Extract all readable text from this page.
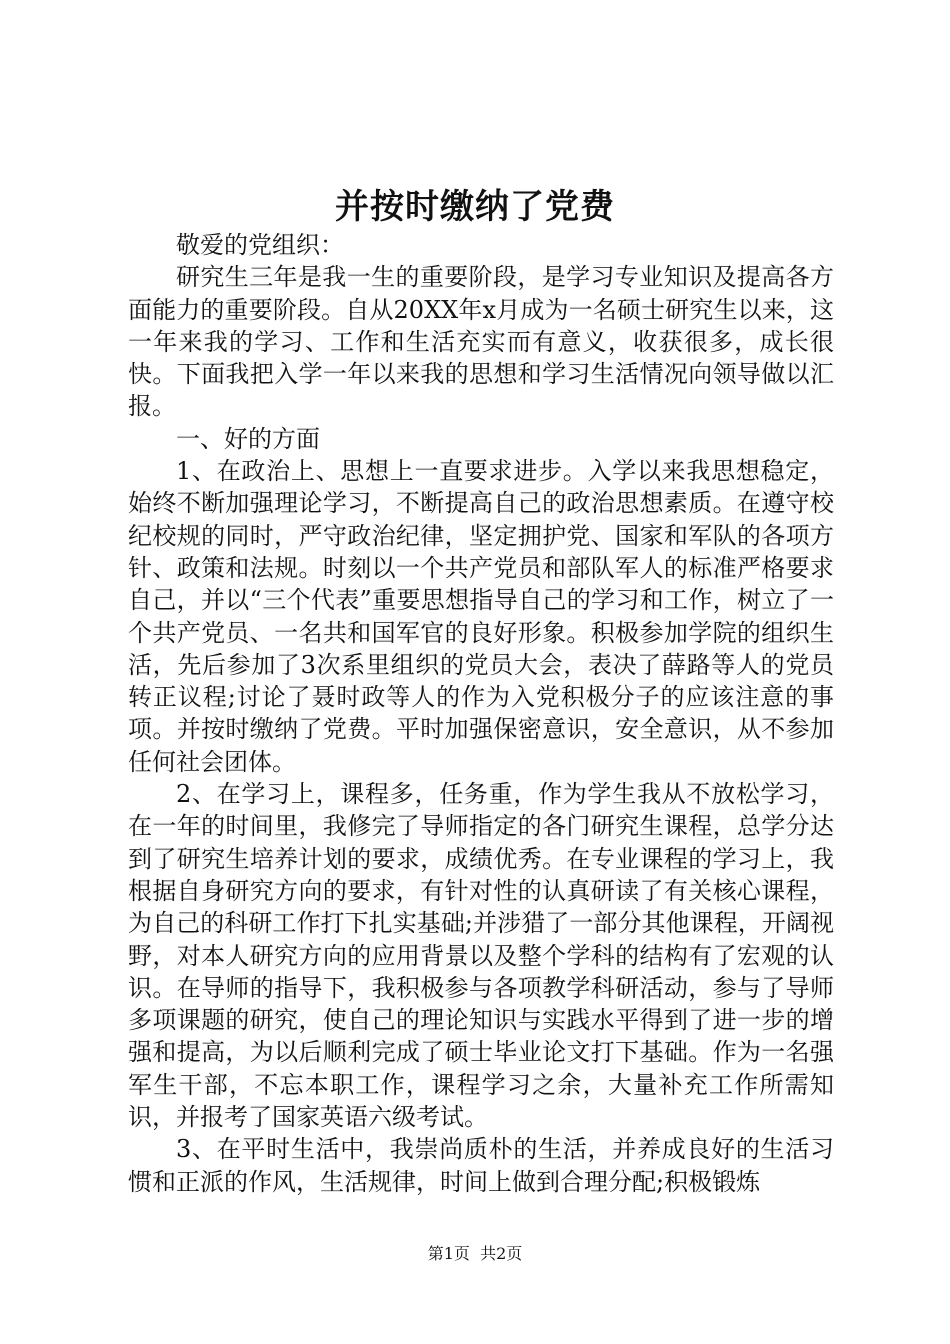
并按时缴纳了党费

敬爱的党组织：

研究生三年是我一生的重要阶段，是学习专业知识及提高各方面能力的重要阶段。自从20XX年x月成为一名硕士研究生以来，这一年来我的学习、工作和生活充实而有意义，收获很多，成长很快。下面我把入学一年以来我的思想和学习生活情况向领导做以汇报。

一、好的方面

1、在政治上、思想上一直要求进步。入学以来我思想稳定，始终不断加强理论学习，不断提高自己的政治思想素质。在遵守校纪校规的同时，严守政治纪律，坚定拥护党、国家和军队的各项方针、政策和法规。时刻以一个共产党员和部队军人的标准严格要求自己，并以“三个代表”重要思想指导自己的学习和工作，树立了一个共产党员、一名共和国军官的良好形象。积极参加学院的组织生活，先后参加了3次系里组织的党员大会，表决了薛路等人的党员转正议程;讨论了聂时政等人的作为入党积极分子的应该注意的事项。并按时缴纳了党费。平时加强保密意识，安全意识，从不参加任何社会团体。

2、在学习上，课程多，任务重，作为学生我从不放松学习，在一年的时间里，我修完了导师指定的各门研究生课程，总学分达到了研究生培养计划的要求，成绩优秀。在专业课程的学习上，我根据自身研究方向的要求，有针对性的认真研读了有关核心课程，为自己的科研工作打下扎实基础;并涉猎了一部分其他课程，开阔视野，对本人研究方向的应用背景以及整个学科的结构有了宏观的认识。在导师的指导下，我积极参与各项教学科研活动，参与了导师多项课题的研究，使自己的理论知识与实践水平得到了进一步的增强和提高，为以后顺利完成了硕士毕业论文打下基础。作为一名强军生干部，不忘本职工作，课程学习之余，大量补充工作所需知识，并报考了国家英语六级考试。

3、在平时生活中，我崇尚质朴的生活，并养成良好的生活习惯和正派的作风，生活规律，时间上做到合理分配;积极锻炼

第1页 共2页
